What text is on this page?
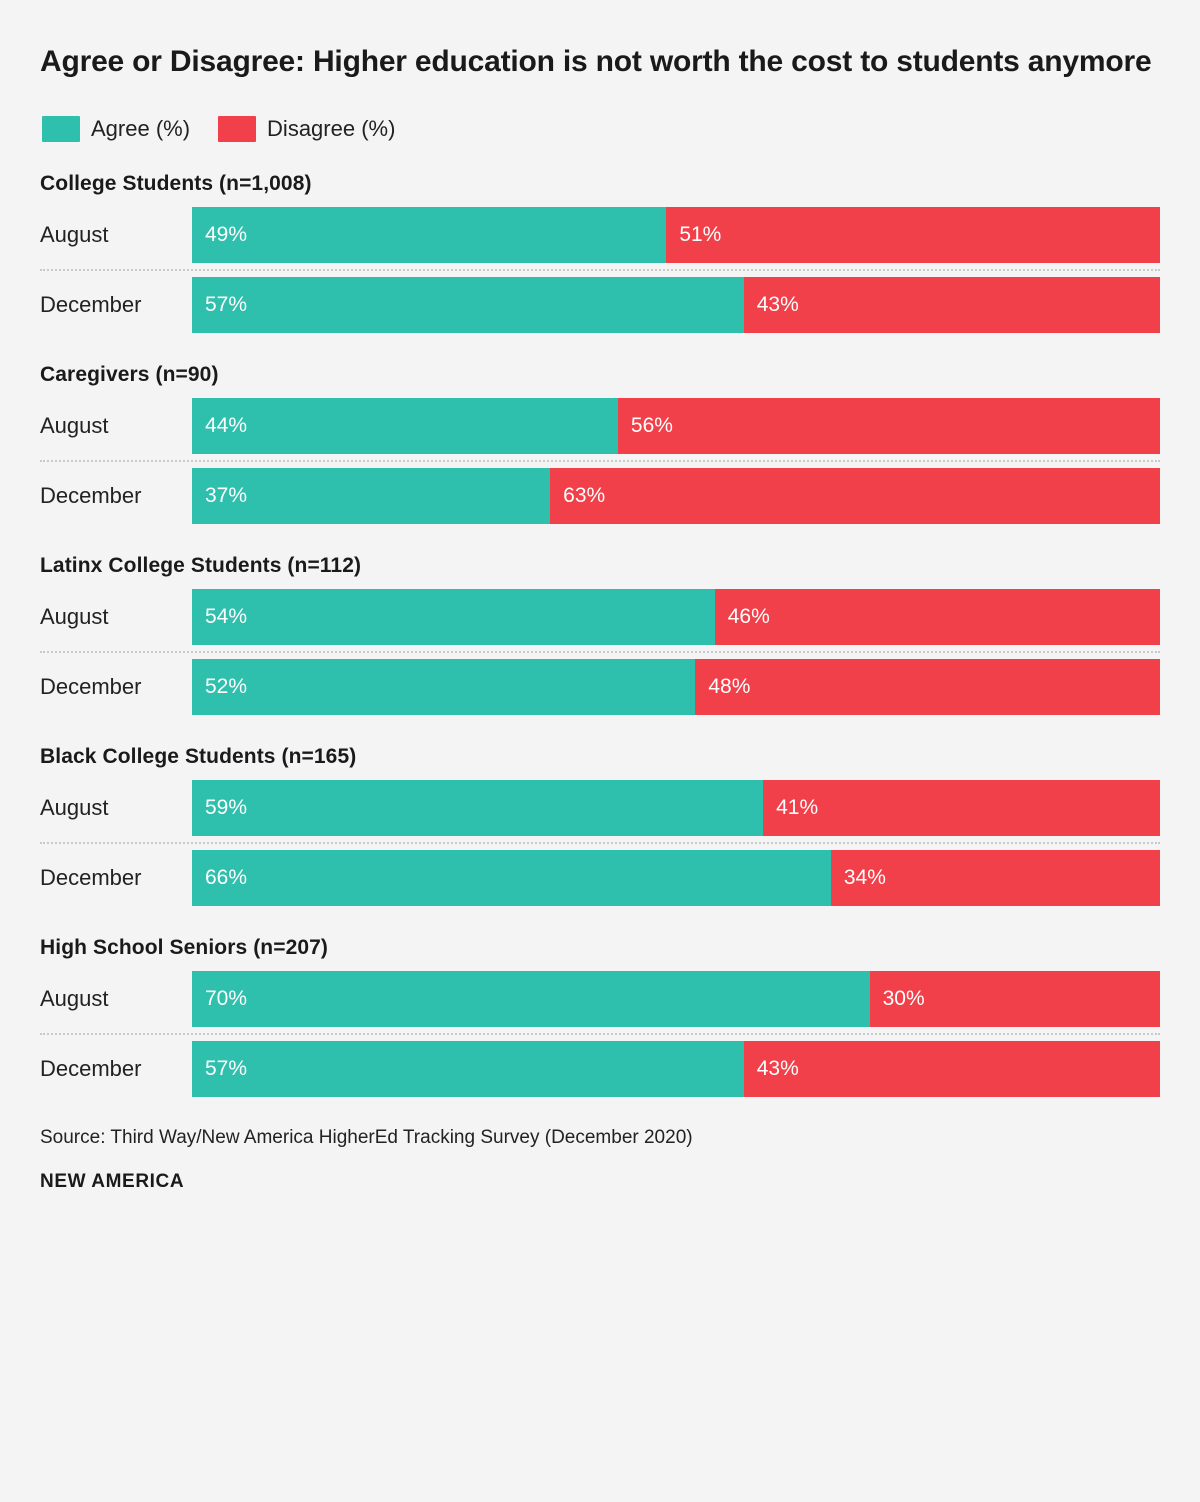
Agree or Disagree: Higher education is not worth the cost to students anymore
Agree (%)	Disagree (%)
College Students (n=1,008)
August	49%	51%
December	57%	43%
Caregivers (n=90)
August	44%	56%
December	37%	63%
Latinx College Students (n=112)
August	54%	46%
December	52%	48%
Black College Students (n=165)
August	59%	41%
December	66%	34%
High School Seniors (n=207)
August	70%	30%
December	57%	43%
Source: Third Way/New America HigherEd Tracking Survey (December 2020)
NEW AMERICA
